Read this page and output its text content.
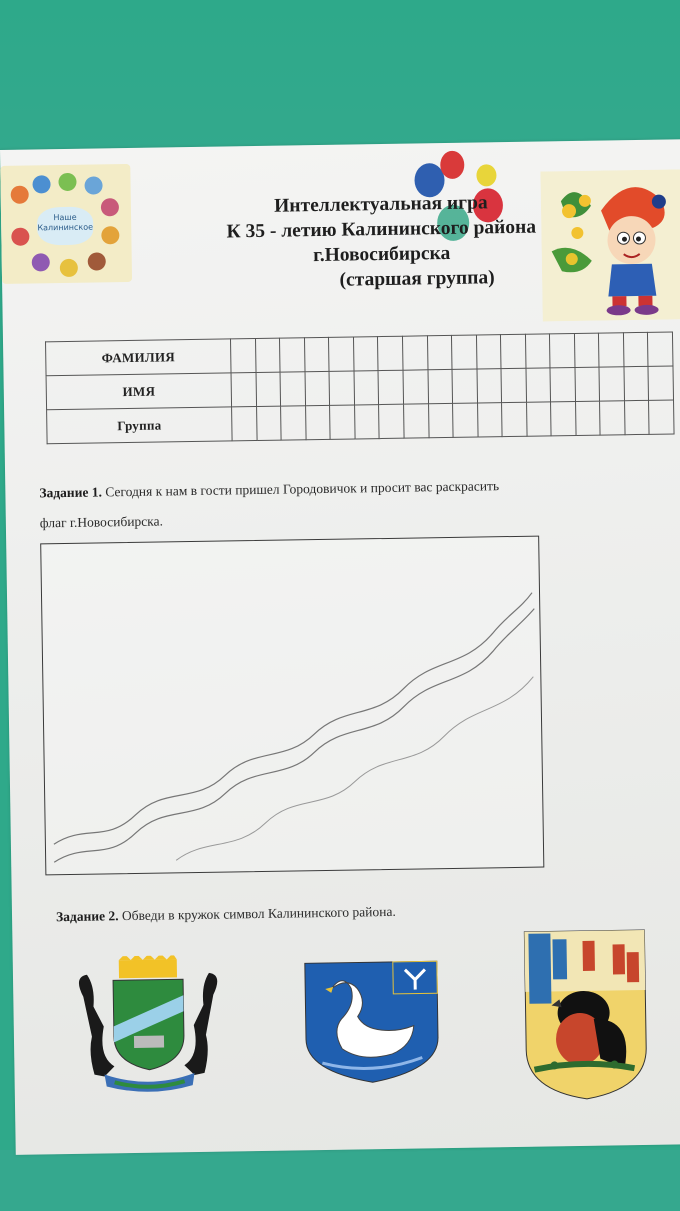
Наше
Калининское
Интеллектуальная игра
К 35 - летию Калининского района
г.Новосибирска
(старшая группа)
ФАМИЛИЯ																		
ИМЯ																		
Группа																		
Задание 1. Сегодня к нам в гости пришел Городовичок и просит вас раскрасить
флаг г.Новосибирска.
Задание 2. Обведи в кружок символ Калининского района.
